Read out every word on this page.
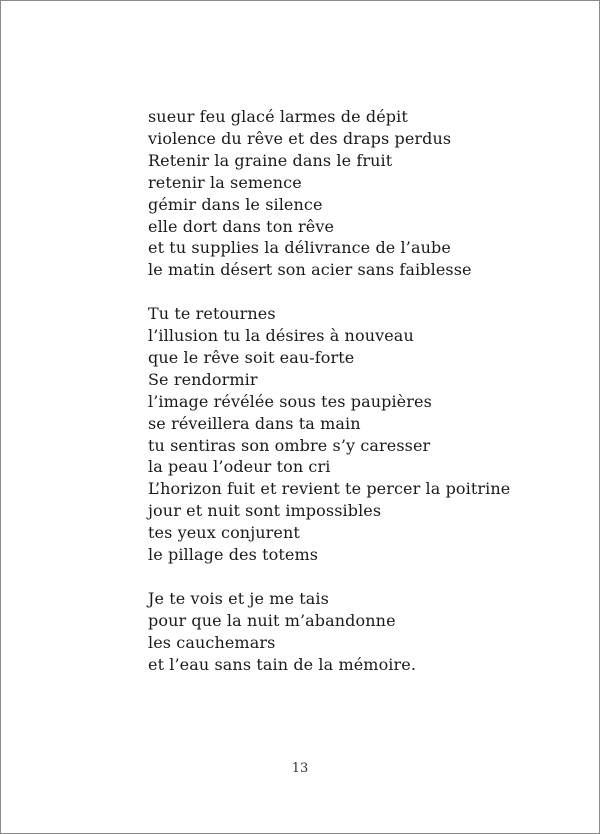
sueur feu glacé larmes de dépit
violence du rêve et des draps perdus
Retenir la graine dans le fruit
retenir la semence
gémir dans le silence
elle dort dans ton rêve
et tu supplies la délivrance de l’aube
le matin désert son acier sans faiblesse
Tu te retournes
l’illusion tu la désires à nouveau
que le rêve soit eau-forte
Se rendormir
l’image révélée sous tes paupières
se réveillera dans ta main
tu sentiras son ombre s’y caresser
la peau l’odeur ton cri
L’horizon fuit et revient te percer la poitrine
jour et nuit sont impossibles
tes yeux conjurent
le pillage des totems
Je te vois et je me tais
pour que la nuit m’abandonne
les cauchemars
et l’eau sans tain de la mémoire.
13
